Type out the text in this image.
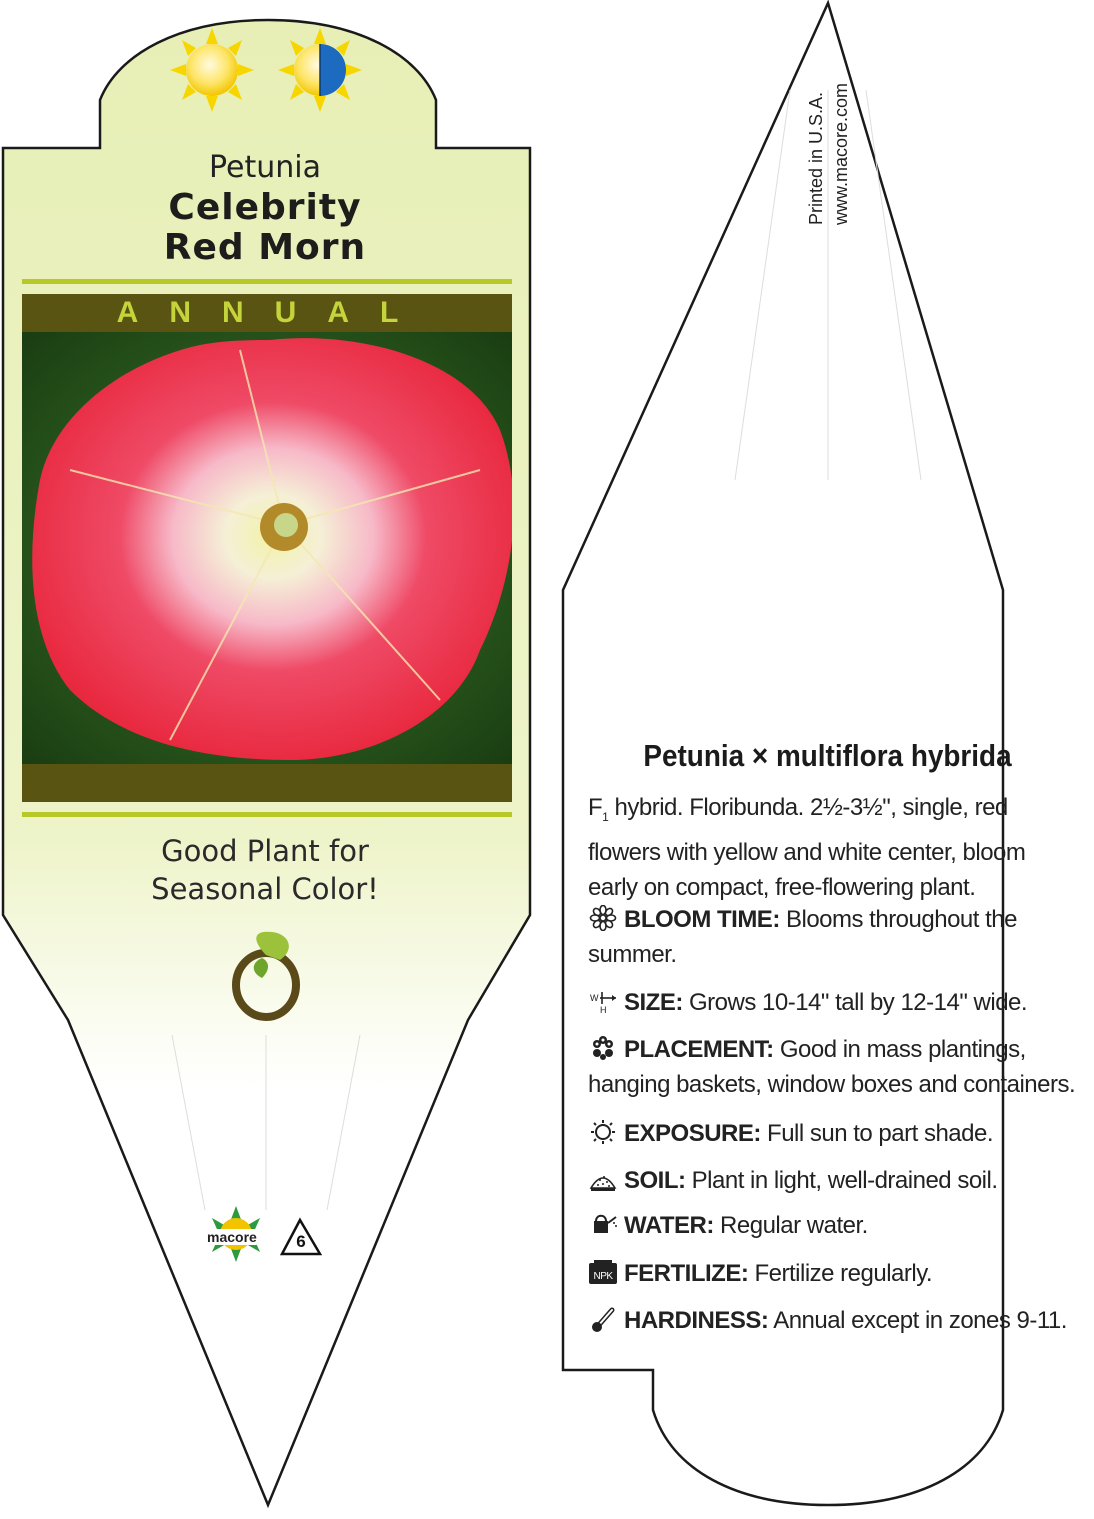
Petunia
Celebrity
Red Morn
ANNUAL
Good Plant for
Seasonal Color!
macore	6
Printed in U.S.A. www.macore.com
Petunia × multiflora hybrida
$F_1$ hybrid. Floribunda. 2½-3½", single, red flowers with yellow and white center, bloom early on compact, free-flowering plant.
BLOOM TIME: Blooms throughout the summer.
W
H SIZE: Grows 10-14" tall by 12-14" wide.
PLACEMENT: Good in mass plantings, hanging baskets, window boxes and containers.
EXPOSURE: Full sun to part shade.
SOIL: Plant in light, well-drained soil.
WATER: Regular water.
NPK FERTILIZE: Fertilize regularly.
HARDINESS: Annual except in zones 9-11.
